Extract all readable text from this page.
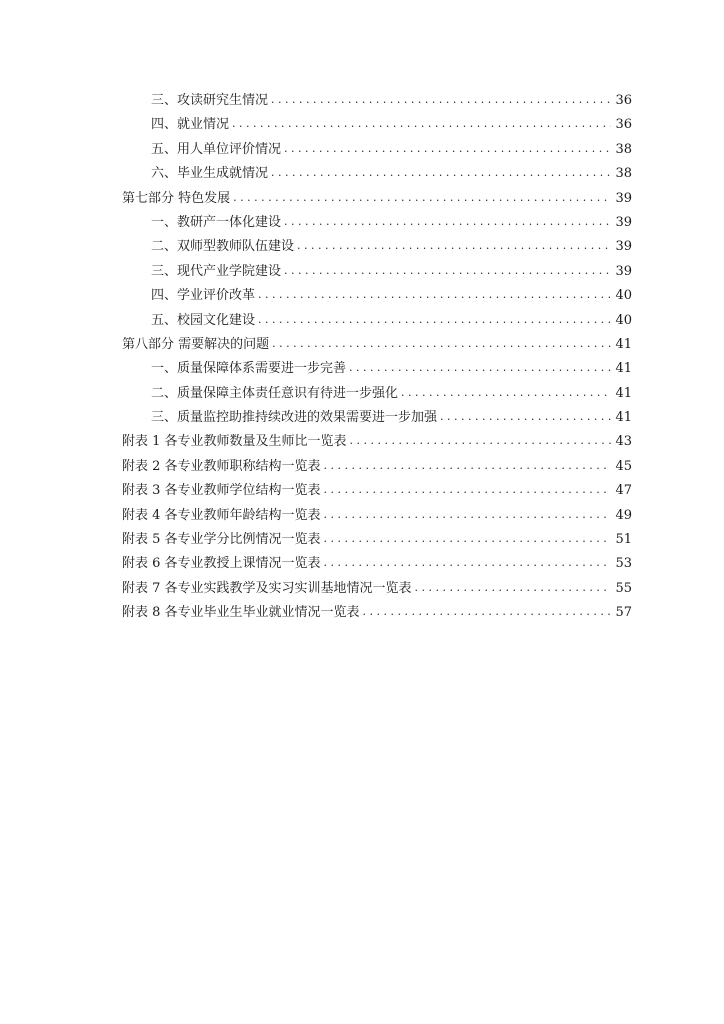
三、攻读研究生情况 . . .	36
四、就业情况 . . .	36
五、用人单位评价情况 . . .	38
六、毕业生成就情况 . . .	38
第七部分 特色发展 . . .	39
一、教研产一体化建设 . . .	39
二、双师型教师队伍建设 . . .	39
三、现代产业学院建设 . . .	39
四、学业评价改革 . . .	40
五、校园文化建设 . . .	40
第八部分 需要解决的问题 . . .	41
一、质量保障体系需要进一步完善 . . .	41
二、质量保障主体责任意识有待进一步强化 . . .	41
三、质量监控助推持续改进的效果需要进一步加强 . . .	41
附表 1 各专业教师数量及生师比一览表 . . .	43
附表 2 各专业教师职称结构一览表 . . .	45
附表 3 各专业教师学位结构一览表 . . .	47
附表 4 各专业教师年龄结构一览表 . . .	49
附表 5 各专业学分比例情况一览表 . . .	51
附表 6 各专业教授上课情况一览表 . . .	53
附表 7 各专业实践教学及实习实训基地情况一览表 . . .	55
附表 8 各专业毕业生毕业就业情况一览表 . . .	57
